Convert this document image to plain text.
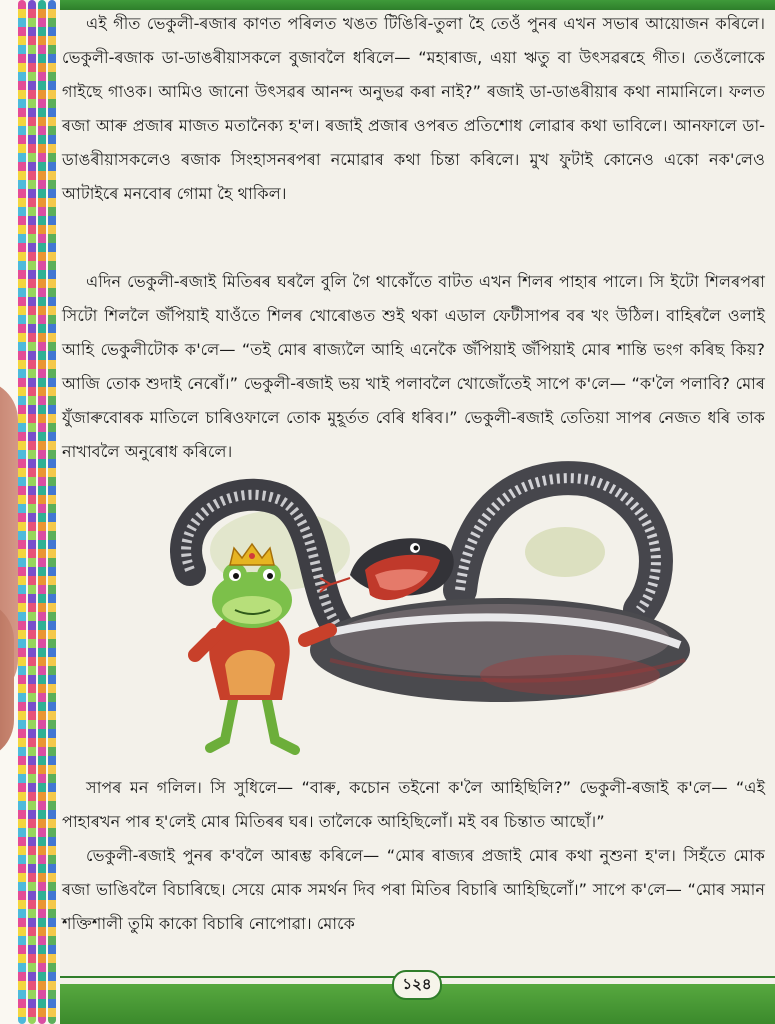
এই গীত ভেকুলী-ৰজাৰ কাণত পৰিলত খঙত টিঙিৰি-তুলা হৈ তেওঁ পুনৰ এখন সভাৰ আয়োজন কৰিলে। ভেকুলী-ৰজাক ডা-ডাঙৰীয়াসকলে বুজাবলৈ ধৰিলে— “মহাৰাজ, এয়া ঋতু বা উৎসৱৰহে গীত। তেওঁলোকে গাইছে গাওক। আমিও জানো উৎসৱৰ আনন্দ অনুভৱ কৰা নাই?” ৰজাই ডা-ডাঙৰীয়াৰ কথা নামানিলে। ফলত ৰজা আৰু প্ৰজাৰ মাজত মতানৈক্য হ'ল। ৰজাই প্ৰজাৰ ওপৰত প্ৰতিশোধ লোৱাৰ কথা ভাবিলে। আনফালে ডা-ডাঙৰীয়াসকলেও ৰজাক সিংহাসনৰপৰা নমোৱাৰ কথা চিন্তা কৰিলে। মুখ ফুটাই কোনেও একো নক'লেও আটাইৰে মনবোৰ গোমা হৈ থাকিল।

এদিন ভেকুলী-ৰজাই মিতিৰৰ ঘৰলৈ বুলি গৈ থাকোঁতে বাটত এখন শিলৰ পাহাৰ পালে। সি ইটো শিলৰপৰা সিটো শিললৈ জঁপিয়াই যাওঁতে শিলৰ খোৰোঙত শুই থকা এডাল ফেটীসাপৰ বৰ খং উঠিল। বাহিৰলৈ ওলাই আহি ভেকুলীটোক ক'লে— “তই মোৰ ৰাজ্যলৈ আহি এনেকৈ জঁপিয়াই জঁপিয়াই মোৰ শান্তি ভংগ কৰিছ কিয়? আজি তোক শুদাই নেৰোঁ।” ভেকুলী-ৰজাই ভয় খাই পলাবলৈ খোজোঁতেই সাপে ক'লে— “ক'লৈ পলাবি? মোৰ যুঁজাৰুবোৰক মাতিলে চাৰিওফালে তোক মুহূৰ্তত বেৰি ধৰিব।” ভেকুলী-ৰজাই তেতিয়া সাপৰ নেজত ধৰি তাক নাখাবলৈ অনুৰোধ কৰিলে।

সাপৰ মন গলিল। সি সুধিলে— “বাৰু, কচোন তইনো ক'লৈ আহিছিলি?” ভেকুলী-ৰজাই ক'লে— “এই পাহাৰখন পাৰ হ'লেই মোৰ মিতিৰৰ ঘৰ। তালৈকে আহিছিলোঁ। মই বৰ চিন্তাত আছোঁ।”

ভেকুলী-ৰজাই পুনৰ ক'বলৈ আৰম্ভ কৰিলে— “মোৰ ৰাজ্যৰ প্ৰজাই মোৰ কথা নুশুনা হ'ল। সিহঁতে মোক ৰজা ভাঙিবলৈ বিচাৰিছে। সেয়ে মোক সমৰ্থন দিব পৰা মিতিৰ বিচাৰি আহিছিলোঁ।” সাপে ক'লে— “মোৰ সমান শক্তিশালী তুমি কাকো বিচাৰি নোপোৱা। মোকে

১২৪
